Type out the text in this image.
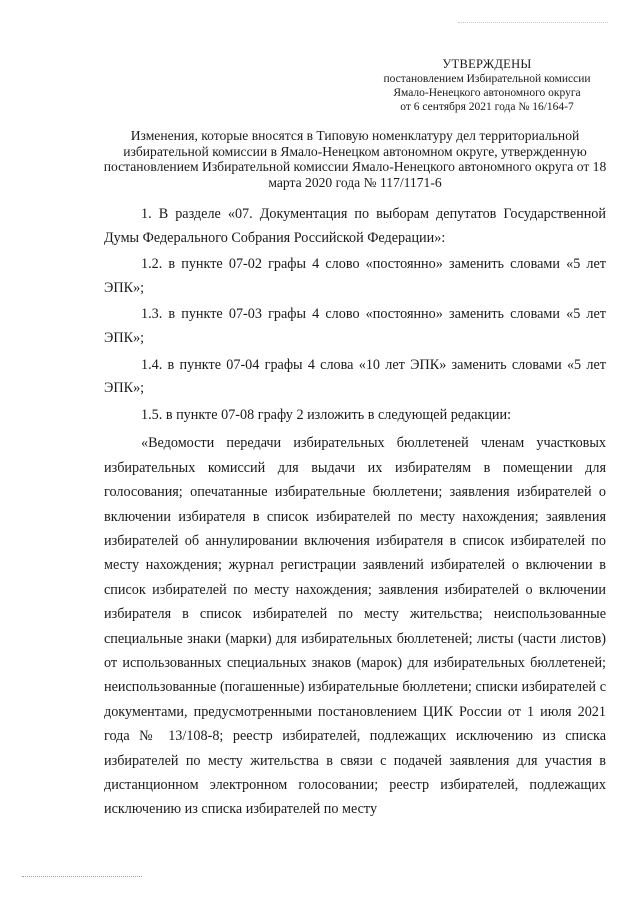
УТВЕРЖДЕНЫ
постановлением Избирательной комиссии
Ямало-Ненецкого автономного округа
от 6 сентября 2021 года № 16/164-7
Изменения, которые вносятся в Типовую номенклатуру дел территориальной избирательной комиссии в Ямало-Ненецком автономном округе, утвержденную постановлением Избирательной комиссии Ямало-Ненецкого автономного округа от 18 марта 2020 года № 117/1171-6

1. В разделе «07. Документация по выборам депутатов Государственной Думы Федерального Собрания Российской Федерации»:

1.2. в пункте 07-02 графы 4 слово «постоянно» заменить словами «5 лет ЭПК»;

1.3. в пункте 07-03 графы 4 слово «постоянно» заменить словами «5 лет ЭПК»;

1.4. в пункте 07-04 графы 4 слова «10 лет ЭПК» заменить словами «5 лет ЭПК»;

1.5. в пункте 07-08 графу 2 изложить в следующей редакции:

«Ведомости передачи избирательных бюллетеней членам участковых избирательных комиссий для выдачи их избирателям в помещении для голосования; опечатанные избирательные бюллетени; заявления избирателей о включении избирателя в список избирателей по месту нахождения; заявления избирателей об аннулировании включения избирателя в список избирателей по месту нахождения; журнал регистрации заявлений избирателей о включении в список избирателей по месту нахождения; заявления избирателей о включении избирателя в список избирателей по месту жительства; неиспользованные специальные знаки (марки) для избирательных бюллетеней; листы (части листов) от использованных специальных знаков (марок) для избирательных бюллетеней; неиспользованные (погашенные) избирательные бюллетени; списки избирателей с документами, предусмотренными постановлением ЦИК России от 1 июля 2021 года № 13/108-8; реестр избирателей, подлежащих исключению из списка избирателей по месту жительства в связи с подачей заявления для участия в дистанционном электронном голосовании; реестр избирателей, подлежащих исключению из списка избирателей по месту
